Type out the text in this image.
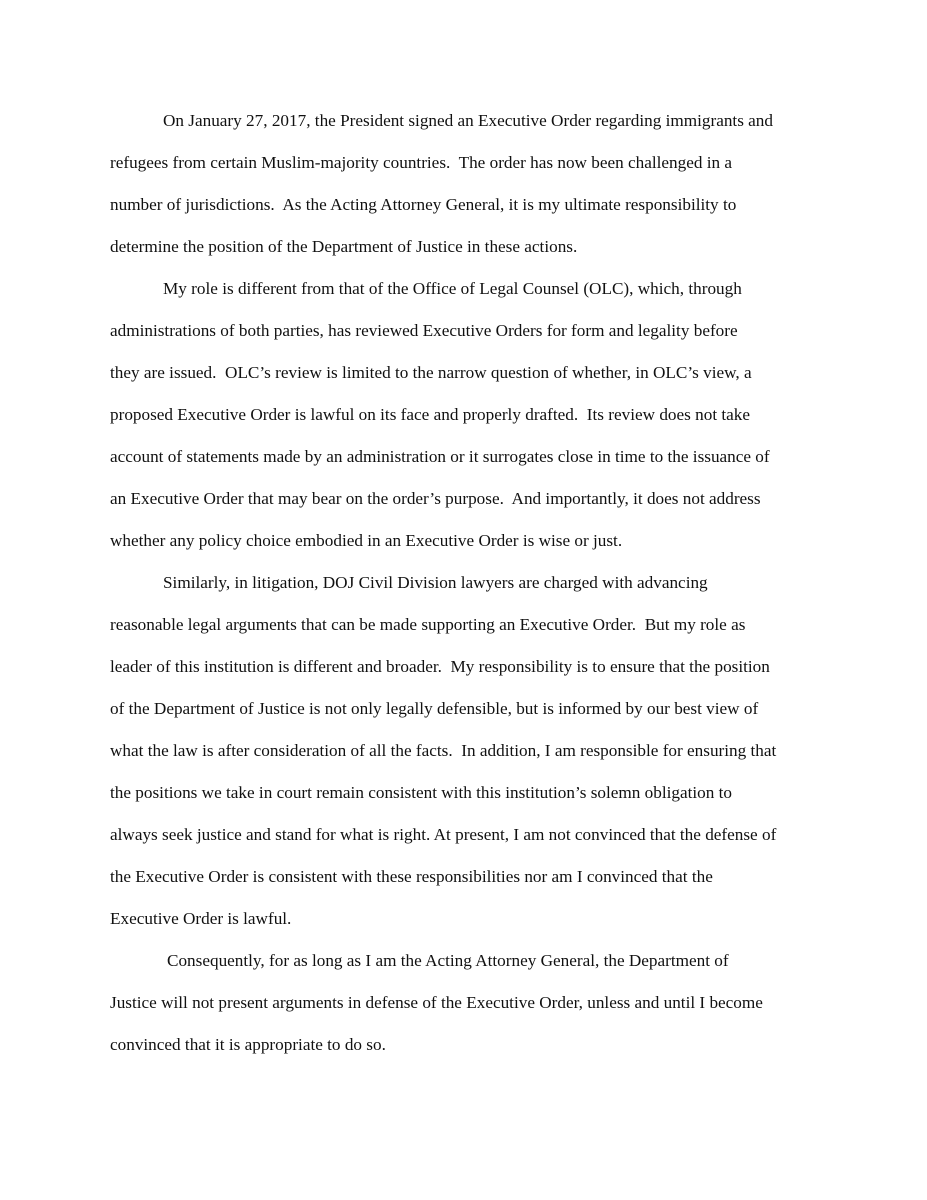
On January 27, 2017, the President signed an Executive Order regarding immigrants and
refugees from certain Muslim-majority countries.  The order has now been challenged in a
number of jurisdictions.  As the Acting Attorney General, it is my ultimate responsibility to
determine the position of the Department of Justice in these actions.

My role is different from that of the Office of Legal Counsel (OLC), which, through
administrations of both parties, has reviewed Executive Orders for form and legality before
they are issued.  OLC’s review is limited to the narrow question of whether, in OLC’s view, a
proposed Executive Order is lawful on its face and properly drafted.  Its review does not take
account of statements made by an administration or it surrogates close in time to the issuance of
an Executive Order that may bear on the order’s purpose.  And importantly, it does not address
whether any policy choice embodied in an Executive Order is wise or just.

Similarly, in litigation, DOJ Civil Division lawyers are charged with advancing
reasonable legal arguments that can be made supporting an Executive Order.  But my role as
leader of this institution is different and broader.  My responsibility is to ensure that the position
of the Department of Justice is not only legally defensible, but is informed by our best view of
what the law is after consideration of all the facts.  In addition, I am responsible for ensuring that
the positions we take in court remain consistent with this institution’s solemn obligation to
always seek justice and stand for what is right. At present, I am not convinced that the defense of
the Executive Order is consistent with these responsibilities nor am I convinced that the
Executive Order is lawful.

Consequently, for as long as I am the Acting Attorney General, the Department of
Justice will not present arguments in defense of the Executive Order, unless and until I become
convinced that it is appropriate to do so.
